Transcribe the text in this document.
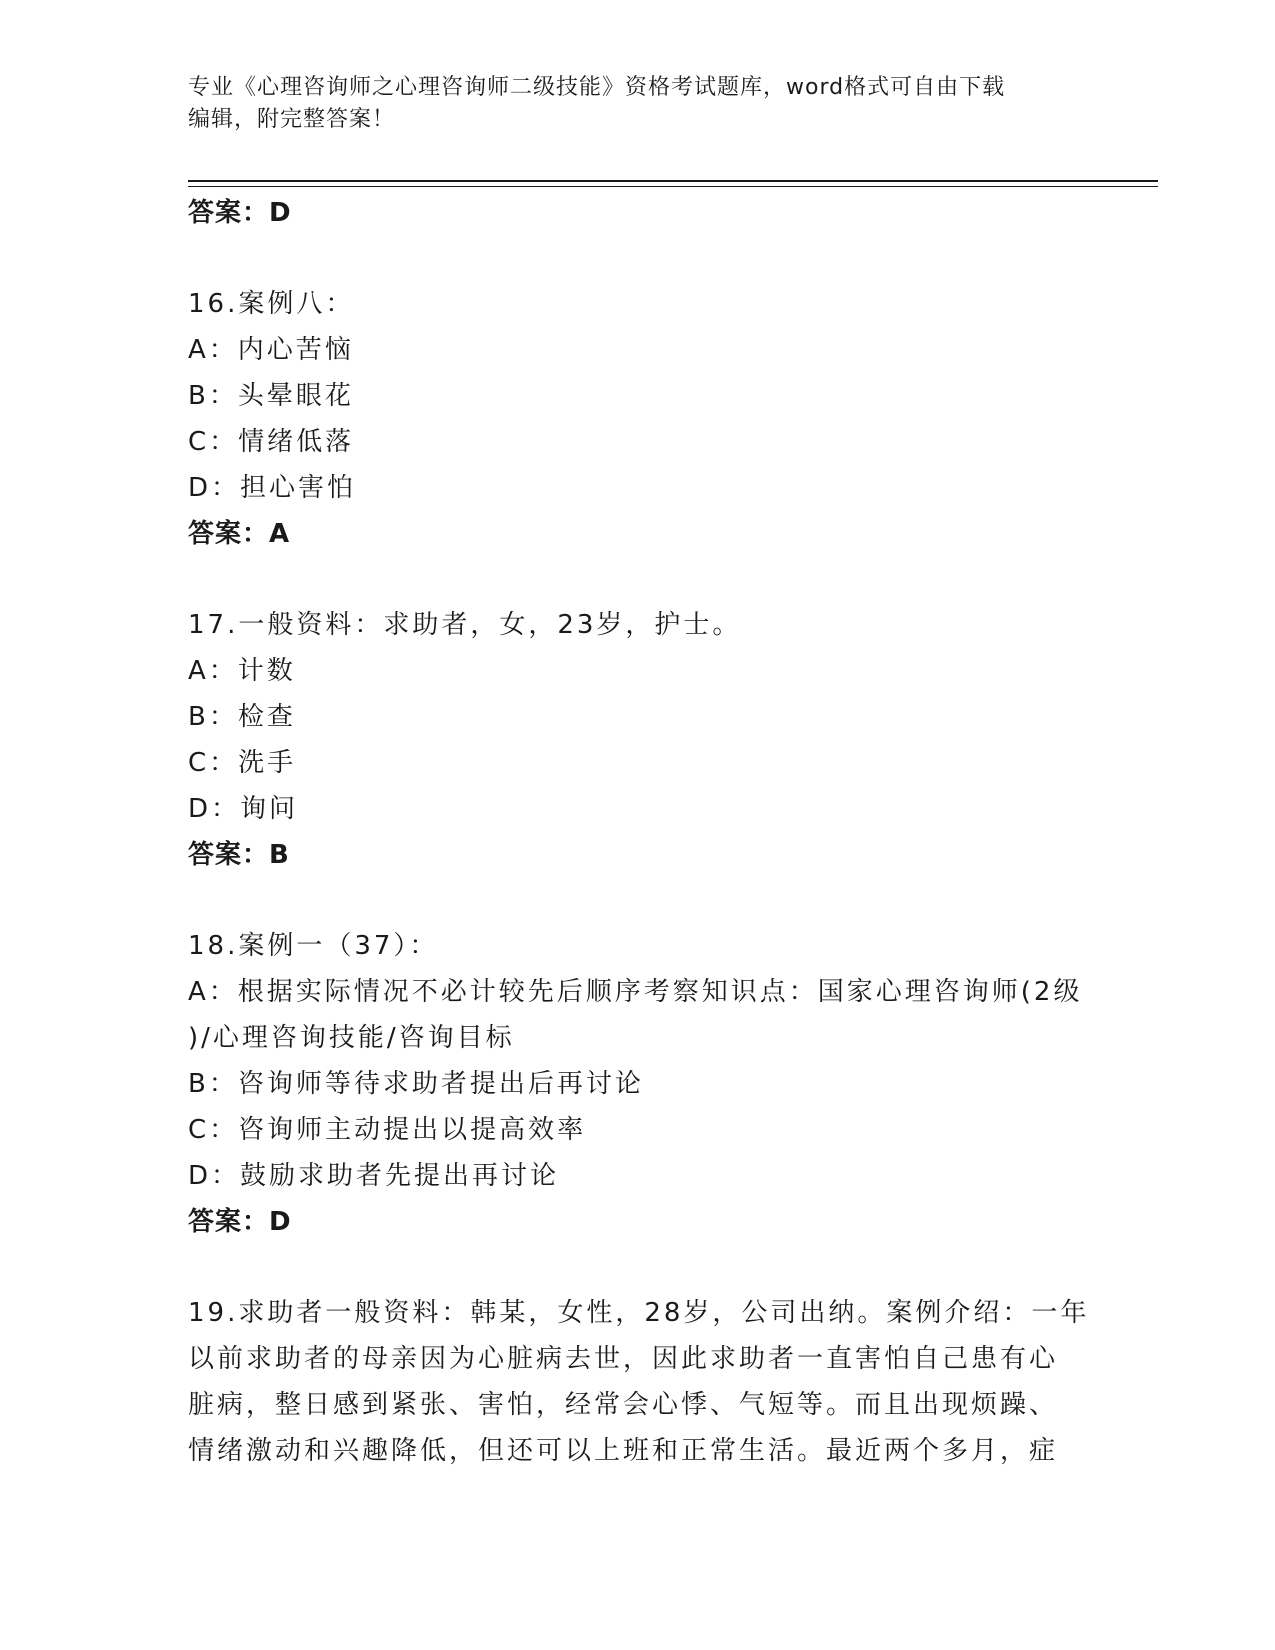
专业《心理咨询师之心理咨询师二级技能》资格考试题库，word格式可自由下载
编辑，附完整答案！
答案：D
16.案例八：
A：内心苦恼
B：头晕眼花
C：情绪低落
D：担心害怕
答案：A
17.一般资料：求助者，女，23岁，护士。
A：计数
B：检查
C：洗手
D：询问
答案：B
18.案例一（37）：
A：根据实际情况不必计较先后顺序考察知识点：国家心理咨询师(2级
)/心理咨询技能/咨询目标
B：咨询师等待求助者提出后再讨论
C：咨询师主动提出以提高效率
D：鼓励求助者先提出再讨论
答案：D
19.求助者一般资料：韩某，女性，28岁，公司出纳。案例介绍：一年
以前求助者的母亲因为心脏病去世，因此求助者一直害怕自己患有心
脏病，整日感到紧张、害怕，经常会心悸、气短等。而且出现烦躁、
情绪激动和兴趣降低，但还可以上班和正常生活。最近两个多月，症
